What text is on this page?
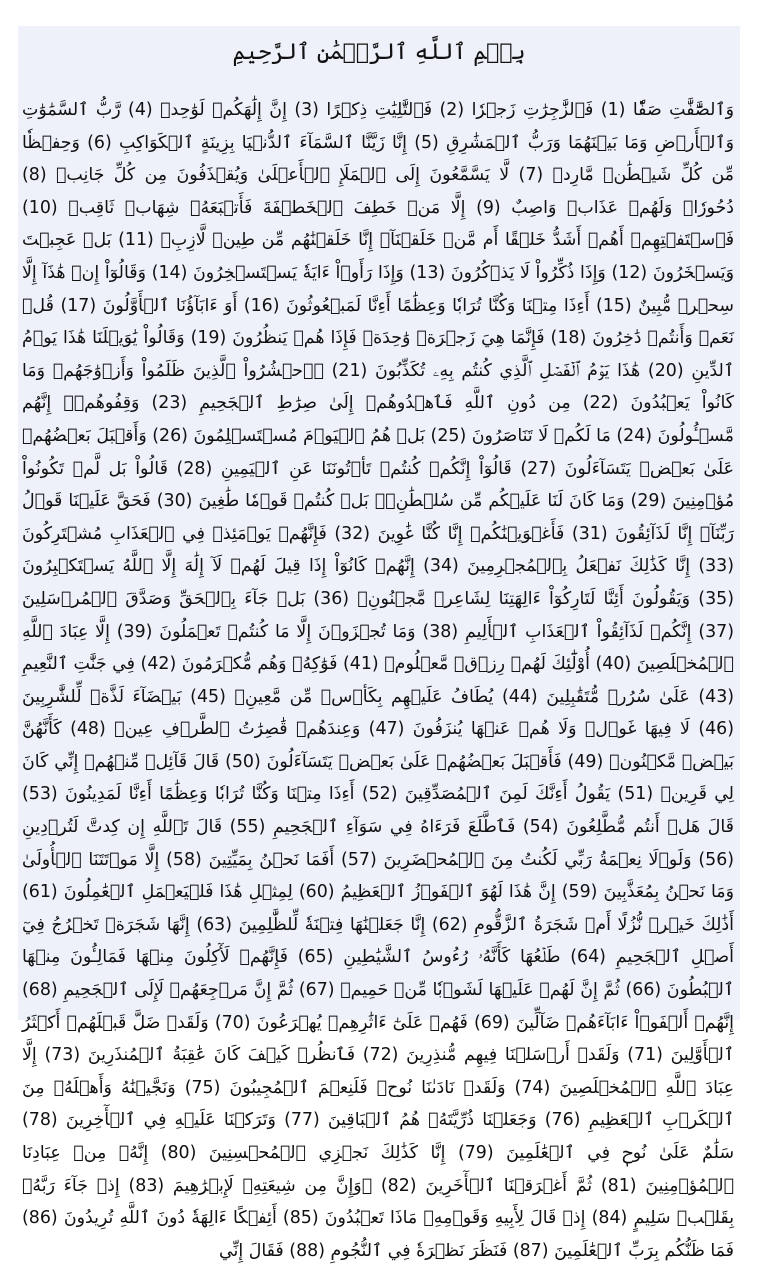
بِسۡمِ ٱللَّهِ ٱلرَّحۡمَٰنِ ٱلرَّحِيمِ

وَٱلصَّٰٓفَّٰتِ صَفّٗا (1) فَٱلزَّٰجِرَٰتِ زَجۡرٗا (2) فَٱلتَّٰلِيَٰتِ ذِكۡرًا (3) إِنَّ إِلَٰهَكُمۡ لَوَٰحِدٞ (4) رَّبُّ ٱلسَّمَٰوَٰتِ وَٱلۡأَرۡضِ وَمَا بَيۡنَهُمَا وَرَبُّ ٱلۡمَشَٰرِقِ (5) إِنَّا زَيَّنَّا ٱلسَّمَآءَ ٱلدُّنۡيَا بِزِينَةٍ ٱلۡكَوَاكِبِ (6) وَحِفۡظٗا مِّن كُلِّ شَيۡطَٰنٖ مَّارِدٖ (7) لَّا يَسَّمَّعُونَ إِلَى ٱلۡمَلَإِ ٱلۡأَعۡلَىٰ وَيُقۡذَفُونَ مِن كُلِّ جَانِبٖ (8) دُحُورٗاۖ وَلَهُمۡ عَذَابٞ وَاصِبٌ (9) إِلَّا مَنۡ خَطِفَ ٱلۡخَطۡفَةَ فَأَتۡبَعَهُۥ شِهَابٞ ثَاقِبٞ (10) فَٱسۡتَفۡتِهِمۡ أَهُمۡ أَشَدُّ خَلۡقًا أَم مَّنۡ خَلَقۡنَآۚ إِنَّا خَلَقۡنَٰهُم مِّن طِينٖ لَّازِبِۭ (11) بَلۡ عَجِبۡتَ وَيَسۡخَرُونَ (12) وَإِذَا ذُكِّرُواْ لَا يَذۡكُرُونَ (13) وَإِذَا رَأَوۡاْ ءَايَةٗ يَسۡتَسۡخِرُونَ (14) وَقَالُوٓاْ إِنۡ هَٰذَآ إِلَّا سِحۡرٞ مُّبِينٌ (15) أَءِذَا مِتۡنَا وَكُنَّا تُرَابٗا وَعِظَٰمًا أَءِنَّا لَمَبۡعُوثُونَ (16) أَوَ ءَابَآؤُنَا ٱلۡأَوَّلُونَ (17) قُلۡ نَعَمۡ وَأَنتُمۡ دَٰخِرُونَ (18) فَإِنَّمَا هِيَ زَجۡرَةٞ وَٰحِدَةٞ فَإِذَا هُمۡ يَنظُرُونَ (19) وَقَالُواْ يَٰوَيۡلَنَا هَٰذَا يَوۡمُ ٱلدِّينِ (20) هَٰذَا يَوۡمُ ٱلۡفَصۡلِ ٱلَّذِي كُنتُم بِهِۦ تُكَذِّبُونَ (21) ۞ٱحۡشُرُواْ ٱلَّذِينَ ظَلَمُواْ وَأَزۡوَٰجَهُمۡ وَمَا كَانُواْ يَعۡبُدُونَ (22) مِن دُونِ ٱللَّهِ فَٱهۡدُوهُمۡ إِلَىٰ صِرَٰطِ ٱلۡجَحِيمِ (23) وَقِفُوهُمۡۖ إِنَّهُم مَّسۡـُٔولُونَ (24) مَا لَكُمۡ لَا تَنَاصَرُونَ (25) بَلۡ هُمُ ٱلۡيَوۡمَ مُسۡتَسۡلِمُونَ (26) وَأَقۡبَلَ بَعۡضُهُمۡ عَلَىٰ بَعۡضٖ يَتَسَآءَلُونَ (27) قَالُوٓاْ إِنَّكُمۡ كُنتُمۡ تَأۡتُونَنَا عَنِ ٱلۡيَمِينِ (28) قَالُواْ بَل لَّمۡ تَكُونُواْ مُؤۡمِنِينَ (29) وَمَا كَانَ لَنَا عَلَيۡكُم مِّن سُلۡطَٰنِۭۖ بَلۡ كُنتُمۡ قَوۡمٗا طَٰغِينَ (30) فَحَقَّ عَلَيۡنَا قَوۡلُ رَبِّنَآۖ إِنَّا لَذَآئِقُونَ (31) فَأَغۡوَيۡنَٰكُمۡ إِنَّا كُنَّا غَٰوِينَ (32) فَإِنَّهُمۡ يَوۡمَئِذٖ فِي ٱلۡعَذَابِ مُشۡتَرِكُونَ (33) إِنَّا كَذَٰلِكَ نَفۡعَلُ بِٱلۡمُجۡرِمِينَ (34) إِنَّهُمۡ كَانُوٓاْ إِذَا قِيلَ لَهُمۡ لَآ إِلَٰهَ إِلَّا ٱللَّهُ يَسۡتَكۡبِرُونَ (35) وَيَقُولُونَ أَئِنَّا لَتَارِكُوٓاْ ءَالِهَتِنَا لِشَاعِرٖ مَّجۡنُونِۭ (36) بَلۡ جَآءَ بِٱلۡحَقِّ وَصَدَّقَ ٱلۡمُرۡسَلِينَ (37) إِنَّكُمۡ لَذَآئِقُواْ ٱلۡعَذَابِ ٱلۡأَلِيمِ (38) وَمَا تُجۡزَوۡنَ إِلَّا مَا كُنتُمۡ تَعۡمَلُونَ (39) إِلَّا عِبَادَ ٱللَّهِ ٱلۡمُخۡلَصِينَ (40) أُوْلَٰٓئِكَ لَهُمۡ رِزۡقٞ مَّعۡلُومٞ (41) فَوَٰكِهُۖ وَهُم مُّكۡرَمُونَ (42) فِي جَنَّٰتِ ٱلنَّعِيمِ (43) عَلَىٰ سُرُرٖ مُّتَقَٰبِلِينَ (44) يُطَافُ عَلَيۡهِم بِكَأۡسٖ مِّن مَّعِينِۭ (45) بَيۡضَآءَ لَذَّةٖ لِّلشَّٰرِبِينَ (46) لَا فِيهَا غَوۡلٞ وَلَا هُمۡ عَنۡهَا يُنزَفُونَ (47) وَعِندَهُمۡ قَٰصِرَٰتُ ٱلطَّرۡفِ عِينٞ (48) كَأَنَّهُنَّ بَيۡضٞ مَّكۡنُونٞ (49) فَأَقۡبَلَ بَعۡضُهُمۡ عَلَىٰ بَعۡضٖ يَتَسَآءَلُونَ (50) قَالَ قَآئِلٞ مِّنۡهُمۡ إِنِّي كَانَ لِي قَرِينٞ (51) يَقُولُ أَءِنَّكَ لَمِنَ ٱلۡمُصَدِّقِينَ (52) أَءِذَا مِتۡنَا وَكُنَّا تُرَابٗا وَعِظَٰمًا أَءِنَّا لَمَدِينُونَ (53) قَالَ هَلۡ أَنتُم مُّطَّلِعُونَ (54) فَٱطَّلَعَ فَرَءَاهُ فِي سَوَآءِ ٱلۡجَحِيمِ (55) قَالَ تَٱللَّهِ إِن كِدتَّ لَتُرۡدِينِ (56) وَلَوۡلَا نِعۡمَةُ رَبِّي لَكُنتُ مِنَ ٱلۡمُحۡضَرِينَ (57) أَفَمَا نَحۡنُ بِمَيِّتِينَ (58) إِلَّا مَوۡتَتَنَا ٱلۡأُولَىٰ وَمَا نَحۡنُ بِمُعَذَّبِينَ (59) إِنَّ هَٰذَا لَهُوَ ٱلۡفَوۡزُ ٱلۡعَظِيمُ (60) لِمِثۡلِ هَٰذَا فَلۡيَعۡمَلِ ٱلۡعَٰمِلُونَ (61) أَذَٰلِكَ خَيۡرٞ نُّزُلًا أَمۡ شَجَرَةُ ٱلزَّقُّومِ (62) إِنَّا جَعَلۡنَٰهَا فِتۡنَةٗ لِّلظَّٰلِمِينَ (63) إِنَّهَا شَجَرَةٞ تَخۡرُجُ فِيٓ أَصۡلِ ٱلۡجَحِيمِ (64) طَلۡعُهَا كَأَنَّهُۥ رُءُوسُ ٱلشَّيَٰطِينِ (65) فَإِنَّهُمۡ لَأٓكِلُونَ مِنۡهَا فَمَالِـُٔونَ مِنۡهَا ٱلۡبُطُونَ (66) ثُمَّ إِنَّ لَهُمۡ عَلَيۡهَا لَشَوۡبٗا مِّنۡ حَمِيمٖ (67) ثُمَّ إِنَّ مَرۡجِعَهُمۡ لَإِلَى ٱلۡجَحِيمِ (68) إِنَّهُمۡ أَلۡفَوۡاْ ءَابَآءَهُمۡ ضَآلِّينَ (69) فَهُمۡ عَلَىٰٓ ءَاثَٰرِهِمۡ يُهۡرَعُونَ (70) وَلَقَدۡ ضَلَّ قَبۡلَهُمۡ أَكۡثَرُ ٱلۡأَوَّلِينَ (71) وَلَقَدۡ أَرۡسَلۡنَا فِيهِم مُّنذِرِينَ (72) فَٱنظُرۡ كَيۡفَ كَانَ عَٰقِبَةُ ٱلۡمُنذَرِينَ (73) إِلَّا عِبَادَ ٱللَّهِ ٱلۡمُخۡلَصِينَ (74) وَلَقَدۡ نَادَىٰنَا نُوحٞ فَلَنِعۡمَ ٱلۡمُجِيبُونَ (75) وَنَجَّيۡنَٰهُ وَأَهۡلَهُۥ مِنَ ٱلۡكَرۡبِ ٱلۡعَظِيمِ (76) وَجَعَلۡنَا ذُرِّيَّتَهُۥ هُمُ ٱلۡبَاقِينَ (77) وَتَرَكۡنَا عَلَيۡهِ فِي ٱلۡأٓخِرِينَ (78) سَلَٰمٌ عَلَىٰ نُوحٖ فِي ٱلۡعَٰلَمِينَ (79) إِنَّا كَذَٰلِكَ نَجۡزِي ٱلۡمُحۡسِنِينَ (80) إِنَّهُۥ مِنۡ عِبَادِنَا ٱلۡمُؤۡمِنِينَ (81) ثُمَّ أَغۡرَقۡنَا ٱلۡأٓخَرِينَ (82) ۞وَإِنَّ مِن شِيعَتِهِۦ لَإِبۡرَٰهِيمَ (83) إِذۡ جَآءَ رَبَّهُۥ بِقَلۡبٖ سَلِيمٍ (84) إِذۡ قَالَ لِأَبِيهِ وَقَوۡمِهِۦ مَاذَا تَعۡبُدُونَ (85) أَئِفۡكًا ءَالِهَةٗ دُونَ ٱللَّهِ تُرِيدُونَ (86) فَمَا ظَنُّكُم بِرَبِّ ٱلۡعَٰلَمِينَ (87) فَنَظَرَ نَظۡرَةٗ فِي ٱلنُّجُومِ (88) فَقَالَ إِنِّي
